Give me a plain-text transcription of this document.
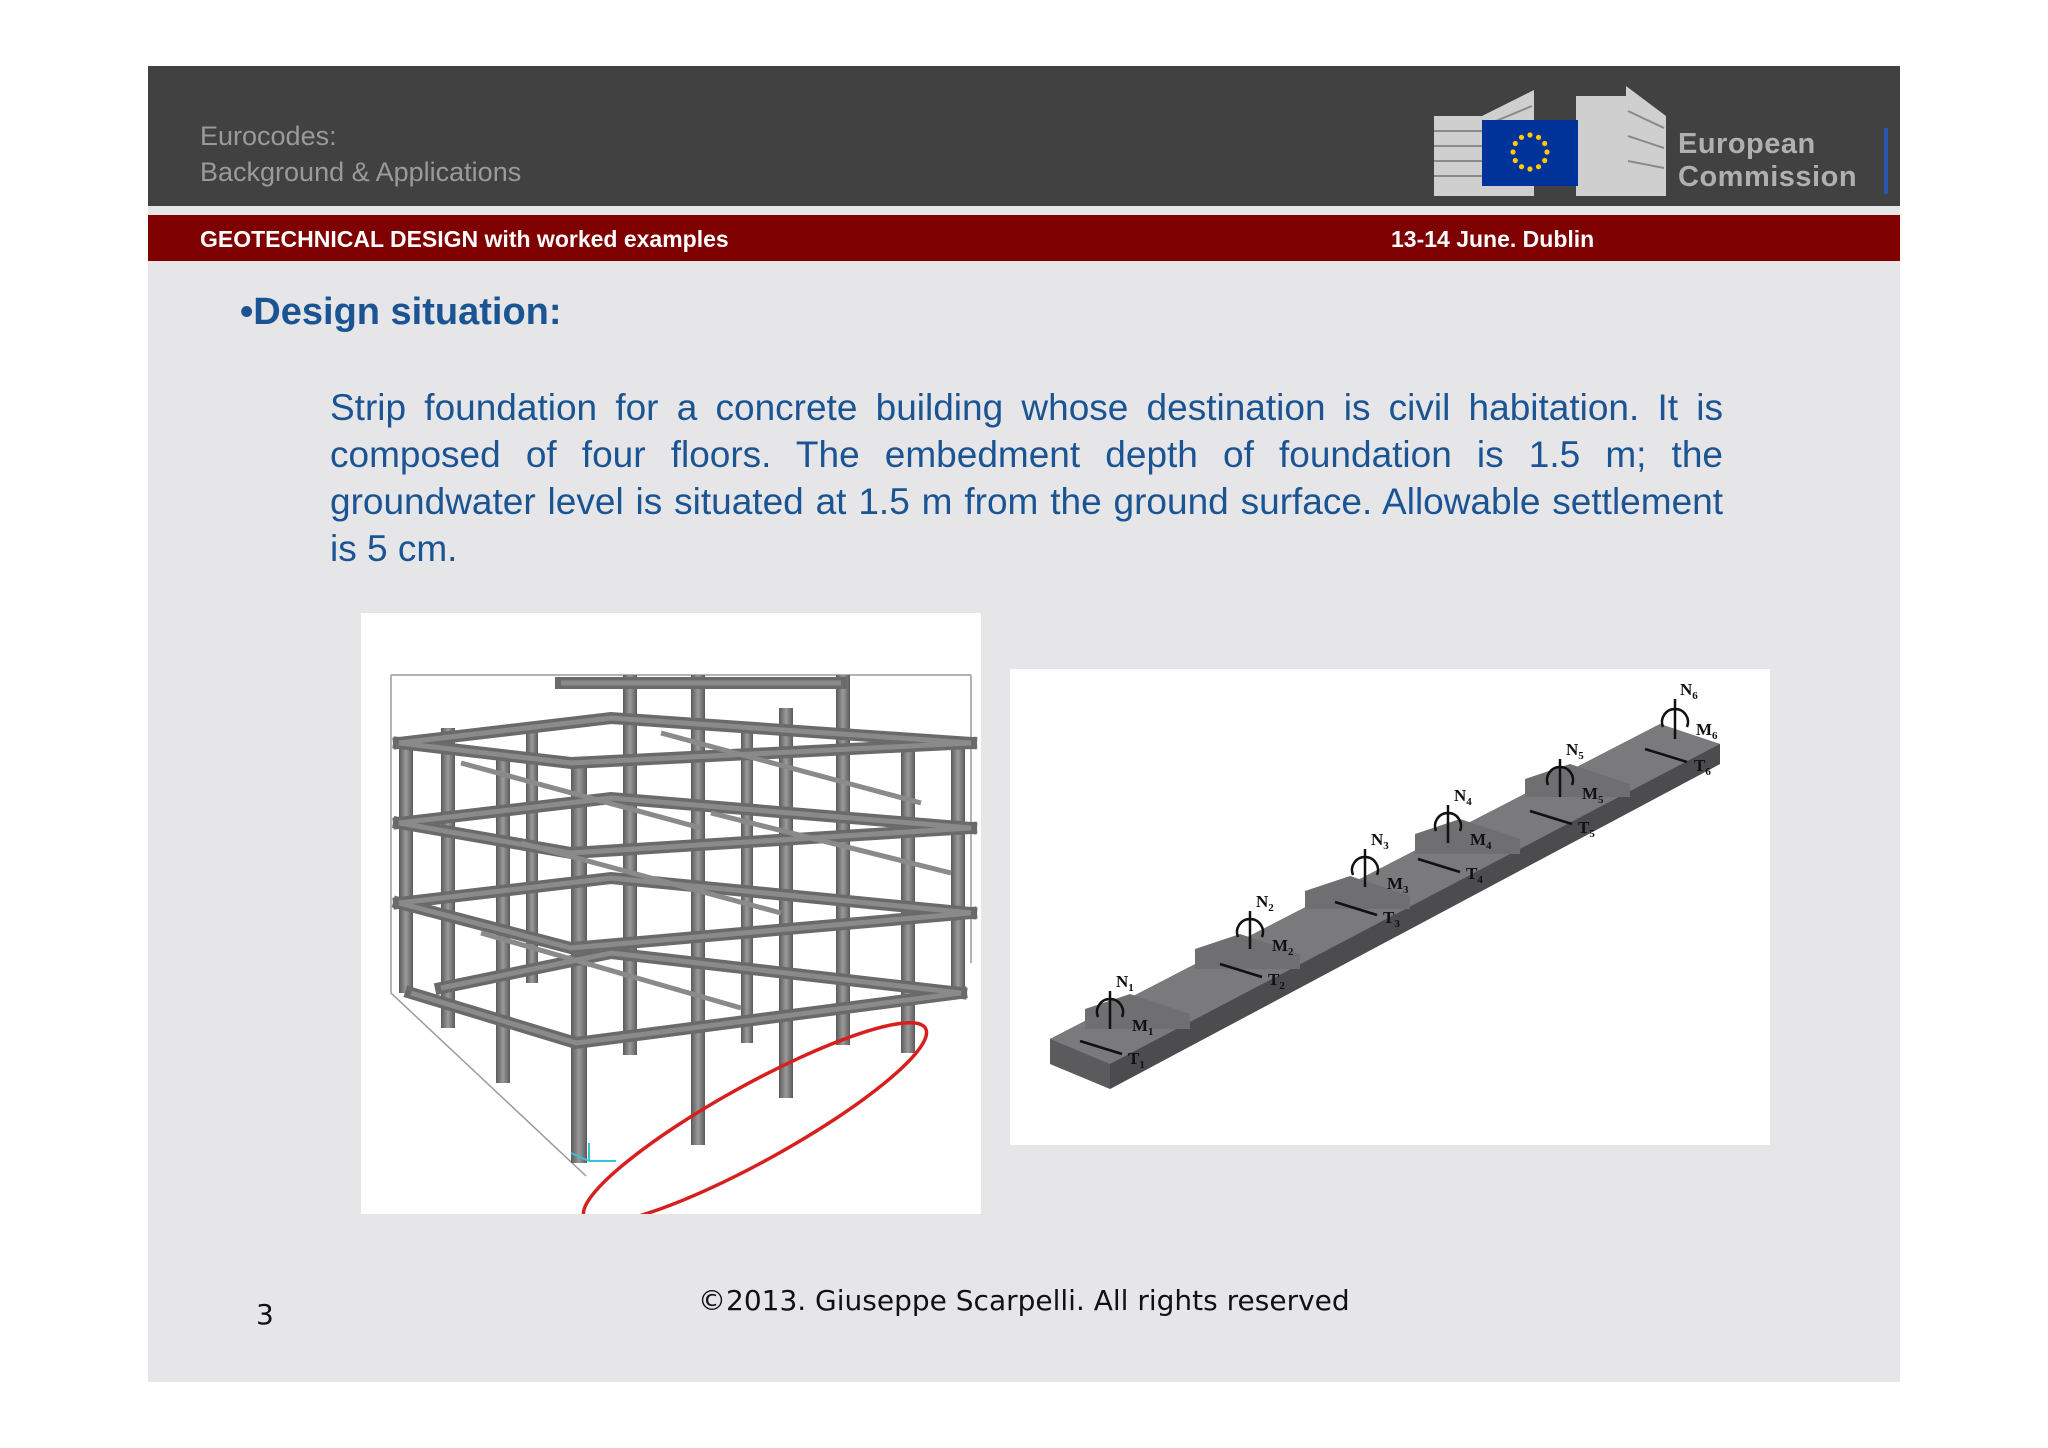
Eurocodes:
Background & Applications
European
Commission
GEOTECHNICAL DESIGN with worked examples	13-14 June. Dublin
•Design situation:
Strip foundation for a concrete building whose destination is civil habitation. It is composed of four floors. The embedment depth of foundation is 1.5 m; the groundwater level is situated at 1.5 m from the ground surface. Allowable settlement is 5 cm.
$N_1$
$M_1$
$T_1$
$N_2$
$M_2$
$T_2$
$N_3$
$M_3$
$T_3$
$N_4$
$M_4$
$T_4$
$N_5$
$M_5$
$T_5$
$N_6$
$M_6$
$T_6$
©2013. Giuseppe Scarpelli. All rights reserved
3
